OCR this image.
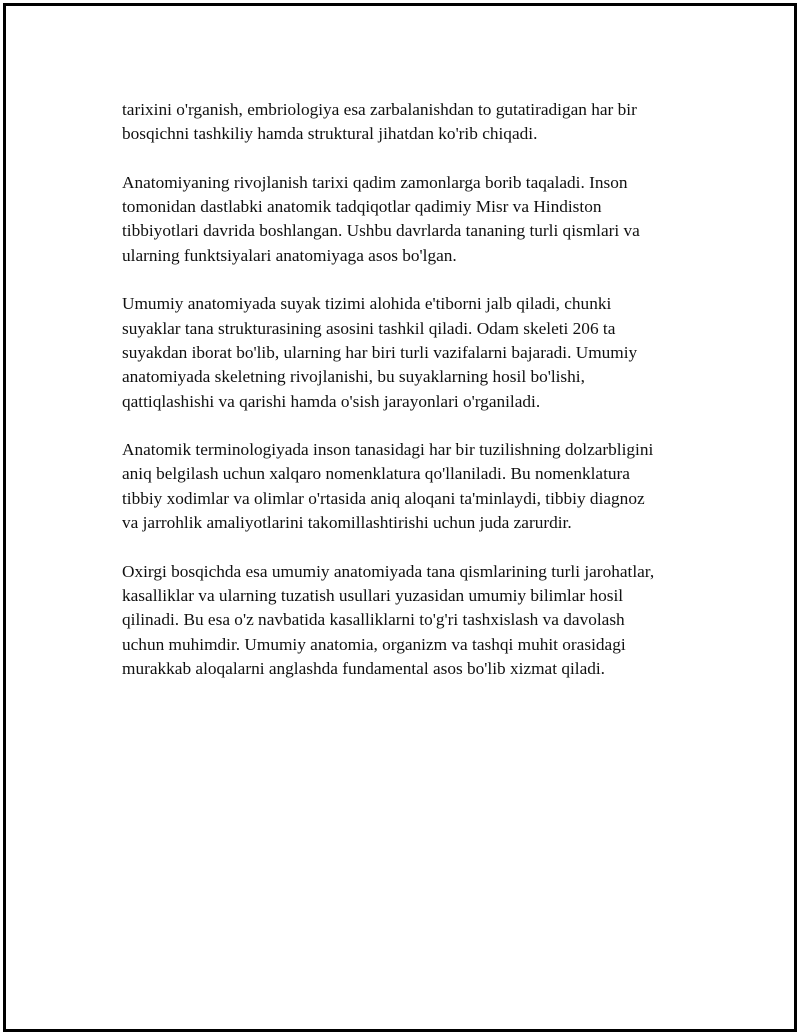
tarixini o'rganish, embriologiya esa zarbalanishdan to gutatiradigan har bir
bosqichni tashkiliy hamda struktural jihatdan ko'rib chiqadi.

Anatomiyaning rivojlanish tarixi qadim zamonlarga borib taqaladi. Inson
tomonidan dastlabki anatomik tadqiqotlar qadimiy Misr va Hindiston
tibbiyotlari davrida boshlangan. Ushbu davrlarda tananing turli qismlari va
ularning funktsiyalari anatomiyaga asos bo'lgan.

Umumiy anatomiyada suyak tizimi alohida e'tiborni jalb qiladi, chunki
suyaklar tana strukturasining asosini tashkil qiladi. Odam skeleti 206 ta
suyakdan iborat bo'lib, ularning har biri turli vazifalarni bajaradi. Umumiy
anatomiyada skeletning rivojlanishi, bu suyaklarning hosil bo'lishi,
qattiqlashishi va qarishi hamda o'sish jarayonlari o'rganiladi.

Anatomik terminologiyada inson tanasidagi har bir tuzilishning dolzarbligini
aniq belgilash uchun xalqaro nomenklatura qo'llaniladi. Bu nomenklatura
tibbiy xodimlar va olimlar o'rtasida aniq aloqani ta'minlaydi, tibbiy diagnoz
va jarrohlik amaliyotlarini takomillashtirishi uchun juda zarurdir.

Oxirgi bosqichda esa umumiy anatomiyada tana qismlarining turli jarohatlar,
kasalliklar va ularning tuzatish usullari yuzasidan umumiy bilimlar hosil
qilinadi. Bu esa o'z navbatida kasalliklarni to'g'ri tashxislash va davolash
uchun muhimdir. Umumiy anatomia, organizm va tashqi muhit orasidagi
murakkab aloqalarni anglashda fundamental asos bo'lib xizmat qiladi.
